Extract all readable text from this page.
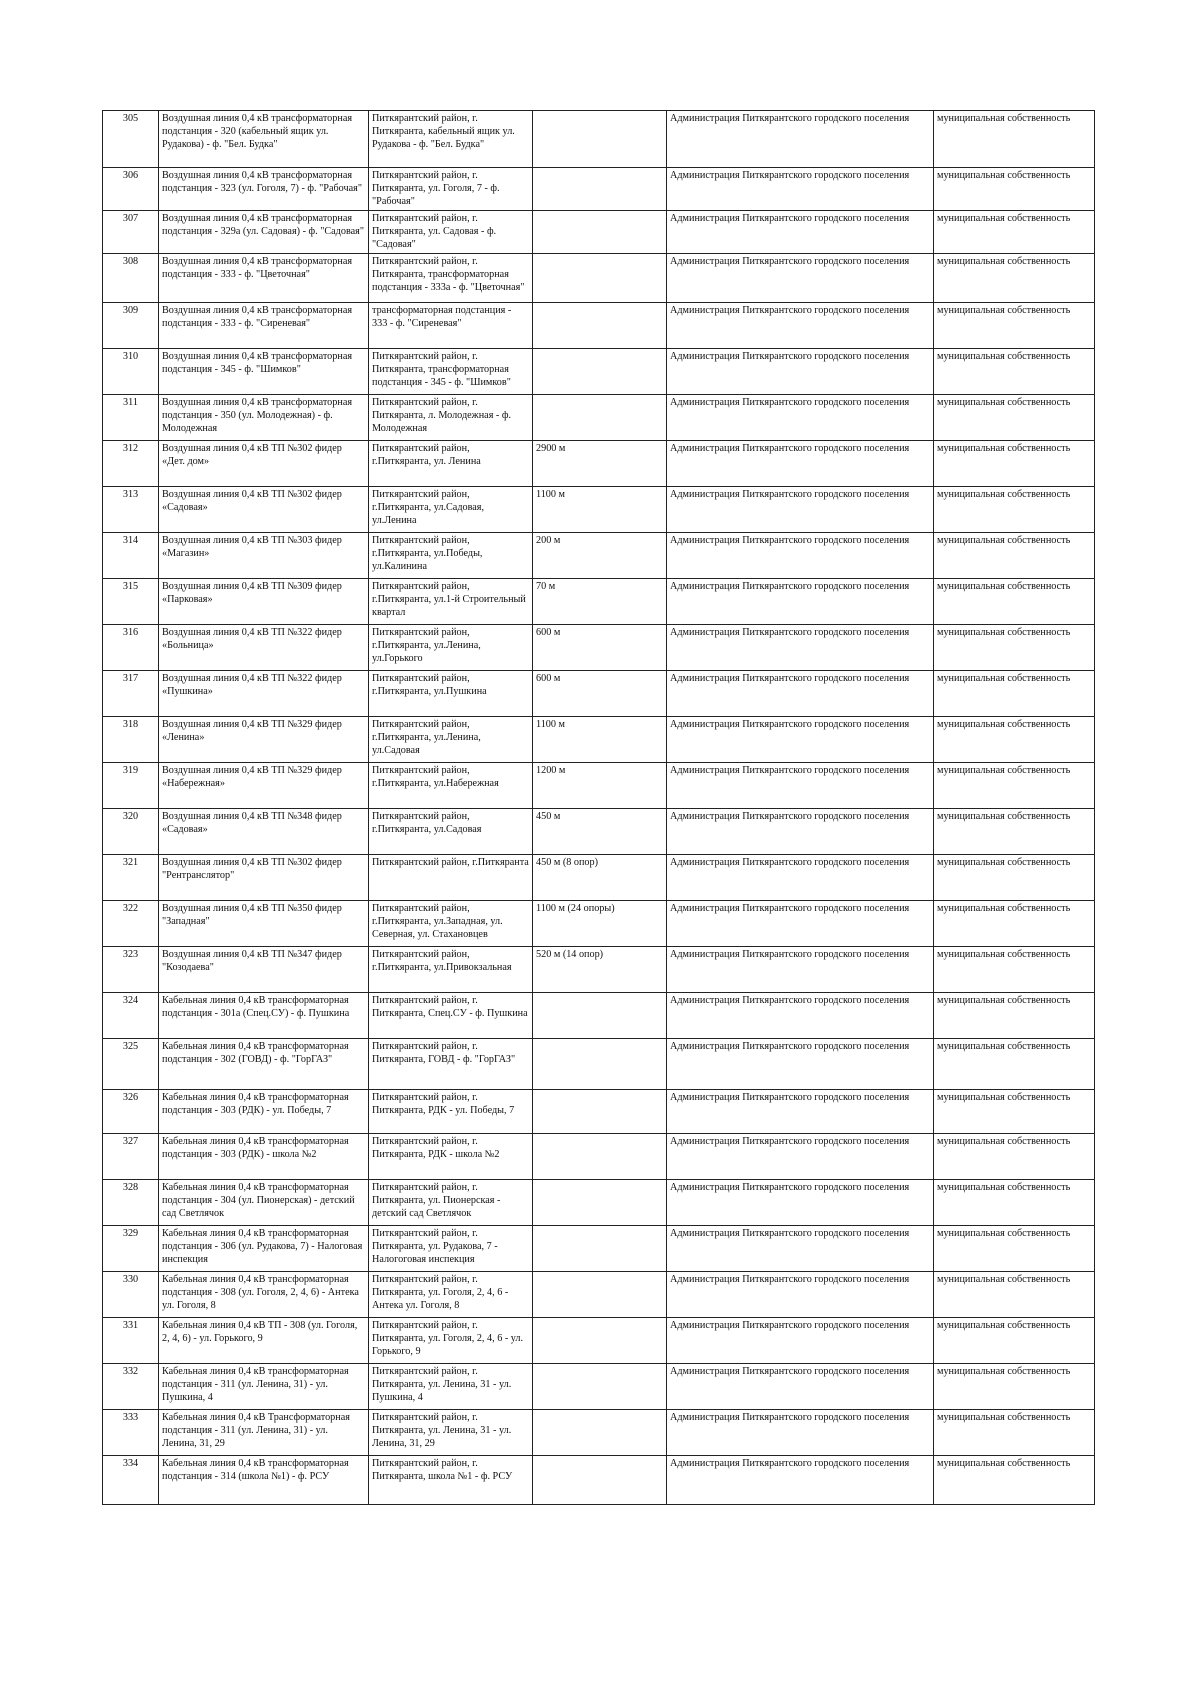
305	Воздушная линия 0,4 кВ трансформаторная подстанция - 320 (кабельный ящик ул. Рудакова) - ф. "Бел. Будка"	Питкярантский район, г. Питкяранта, кабельный ящик ул. Рудакова - ф. "Бел. Будка"		Администрация Питкярантского городского поселения	муниципальная собственность
306	Воздушная линия 0,4 кВ трансформаторная подстанция - 323 (ул. Гоголя, 7) - ф. "Рабочая"	Питкярантский район, г. Питкяранта, ул. Гоголя, 7 - ф. "Рабочая"		Администрация Питкярантского городского поселения	муниципальная собственность
307	Воздушная линия 0,4 кВ трансформаторная подстанция - 329а (ул. Садовая) - ф. "Садовая"	Питкярантский район, г. Питкяранта, ул. Садовая - ф. "Садовая"		Администрация Питкярантского городского поселения	муниципальная собственность
308	Воздушная линия 0,4 кВ трансформаторная подстанция - 333 - ф. "Цветочная"	Питкярантский район, г. Питкяранта, трансформаторная подстанция - 333а - ф. "Цветочная"		Администрация Питкярантского городского поселения	муниципальная собственность
309	Воздушная линия 0,4 кВ трансформаторная подстанция - 333 - ф. "Сиреневая"	трансформаторная подстанция - 333 - ф. "Сиреневая"		Администрация Питкярантского городского поселения	муниципальная собственность
310	Воздушная линия 0,4 кВ трансформаторная подстанция - 345 - ф. "Шимков"	Питкярантский район, г. Питкяранта, трансформаторная подстанция - 345 - ф. "Шимков"		Администрация Питкярантского городского поселения	муниципальная собственность
311	Воздушная линия 0,4 кВ трансформаторная подстанция - 350 (ул. Молодежная) - ф. Молодежная	Питкярантский район, г. Питкяранта, л. Молодежная - ф. Молодежная		Администрация Питкярантского городского поселения	муниципальная собственность
312	Воздушная линия 0,4 кВ ТП №302 фидер «Дет. дом»	Питкярантский район, г.Питкяранта, ул. Ленина	2900 м	Администрация Питкярантского городского поселения	муниципальная собственность
313	Воздушная линия 0,4 кВ ТП №302 фидер «Садовая»	Питкярантский район, г.Питкяранта, ул.Садовая, ул.Ленина	1100 м	Администрация Питкярантского городского поселения	муниципальная собственность
314	Воздушная линия 0,4 кВ ТП №303 фидер «Магазин»	Питкярантский район, г.Питкяранта, ул.Победы, ул.Калинина	200 м	Администрация Питкярантского городского поселения	муниципальная собственность
315	Воздушная линия 0,4 кВ ТП №309 фидер «Парковая»	Питкярантский район, г.Питкяранта, ул.1-й Строительный квартал	70 м	Администрация Питкярантского городского поселения	муниципальная собственность
316	Воздушная линия 0,4 кВ ТП №322 фидер «Больница»	Питкярантский район, г.Питкяранта, ул.Ленина, ул.Горького	600 м	Администрация Питкярантского городского поселения	муниципальная собственность
317	Воздушная линия 0,4 кВ ТП №322 фидер «Пушкина»	Питкярантский район, г.Питкяранта, ул.Пушкина	600 м	Администрация Питкярантского городского поселения	муниципальная собственность
318	Воздушная линия 0,4 кВ ТП №329 фидер «Ленина»	Питкярантский район, г.Питкяранта, ул.Ленина, ул.Садовая	1100 м	Администрация Питкярантского городского поселения	муниципальная собственность
319	Воздушная линия 0,4 кВ ТП №329 фидер «Набережная»	Питкярантский район, г.Питкяранта, ул.Набережная	1200 м	Администрация Питкярантского городского поселения	муниципальная собственность
320	Воздушная линия 0,4 кВ ТП №348 фидер «Садовая»	Питкярантский район, г.Питкяранта, ул.Садовая	450 м	Администрация Питкярантского городского поселения	муниципальная собственность
321	Воздушная линия 0,4 кВ ТП №302 фидер "Рентранслятор"	Питкярантский район, г.Питкяранта	450 м (8 опор)	Администрация Питкярантского городского поселения	муниципальная собственность
322	Воздушная линия 0,4 кВ ТП №350 фидер "Западная"	Питкярантский район, г.Питкяранта, ул.Западная, ул. Северная, ул. Стахановцев	1100 м (24 опоры)	Администрация Питкярантского городского поселения	муниципальная собственность
323	Воздушная линия 0,4 кВ ТП №347 фидер "Козодаева"	Питкярантский район, г.Питкяранта, ул.Привокзальная	520 м (14 опор)	Администрация Питкярантского городского поселения	муниципальная собственность
324	Кабельная линия 0,4 кВ трансформаторная подстанция - 301а (Спец.СУ) - ф. Пушкина	Питкярантский район, г. Питкяранта, Спец.СУ - ф. Пушкина		Администрация Питкярантского городского поселения	муниципальная собственность
325	Кабельная линия 0,4 кВ трансформаторная подстанция - 302 (ГОВД) - ф. "ГорГАЗ"	Питкярантский район, г. Питкяранта, ГОВД - ф. "ГорГАЗ"		Администрация Питкярантского городского поселения	муниципальная собственность
326	Кабельная линия 0,4 кВ трансформаторная подстанция - 303 (РДК) - ул. Победы, 7	Питкярантский район, г. Питкяранта, РДК - ул. Победы, 7		Администрация Питкярантского городского поселения	муниципальная собственность
327	Кабельная линия 0,4 кВ трансформаторная подстанция - 303 (РДК) - школа №2	Питкярантский район, г. Питкяранта, РДК - школа №2		Администрация Питкярантского городского поселения	муниципальная собственность
328	Кабельная линия 0,4 кВ трансформаторная подстанция - 304 (ул. Пионерская) - детский сад Светлячок	Питкярантский район, г. Питкяранта, ул. Пионерская - детский сад Светлячок		Администрация Питкярантского городского поселения	муниципальная собственность
329	Кабельная линия 0,4 кВ трансформаторная подстанция - 306 (ул. Рудакова, 7) - Налоговая инспекция	Питкярантский район, г. Питкяранта, ул. Рудакова, 7 - Налогоговая инспекция		Администрация Питкярантского городского поселения	муниципальная собственность
330	Кабельная линия 0,4 кВ трансформаторная подстанция - 308 (ул. Гоголя, 2, 4, 6) - Антека ул. Гоголя, 8	Питкярантский район, г. Питкяранта, ул. Гоголя, 2, 4, 6 - Антека ул. Гоголя, 8		Администрация Питкярантского городского поселения	муниципальная собственность
331	Кабельная линия 0,4 кВ ТП - 308 (ул. Гоголя, 2, 4, 6) - ул. Горького, 9	Питкярантский район, г. Питкяранта, ул. Гоголя, 2, 4, 6 - ул. Горького, 9		Администрация Питкярантского городского поселения	муниципальная собственность
332	Кабельная линия 0,4 кВ трансформаторная подстанция - 311 (ул. Ленина, 31) - ул. Пушкина, 4	Питкярантский район, г. Питкяранта, ул. Ленина, 31 - ул. Пушкина, 4		Администрация Питкярантского городского поселения	муниципальная собственность
333	Кабельная линия 0,4 кВ Трансформаторная подстанция - 311 (ул. Ленина, 31) - ул. Ленина, 31, 29	Питкярантский район, г. Питкяранта, ул. Ленина, 31 - ул. Ленина, 31, 29		Администрация Питкярантского городского поселения	муниципальная собственность
334	Кабельная линия 0,4 кВ трансформаторная подстанция - 314 (школа №1) - ф. РСУ	Питкярантский район, г. Питкяранта, школа №1 - ф. РСУ		Администрация Питкярантского городского поселения	муниципальная собственность
